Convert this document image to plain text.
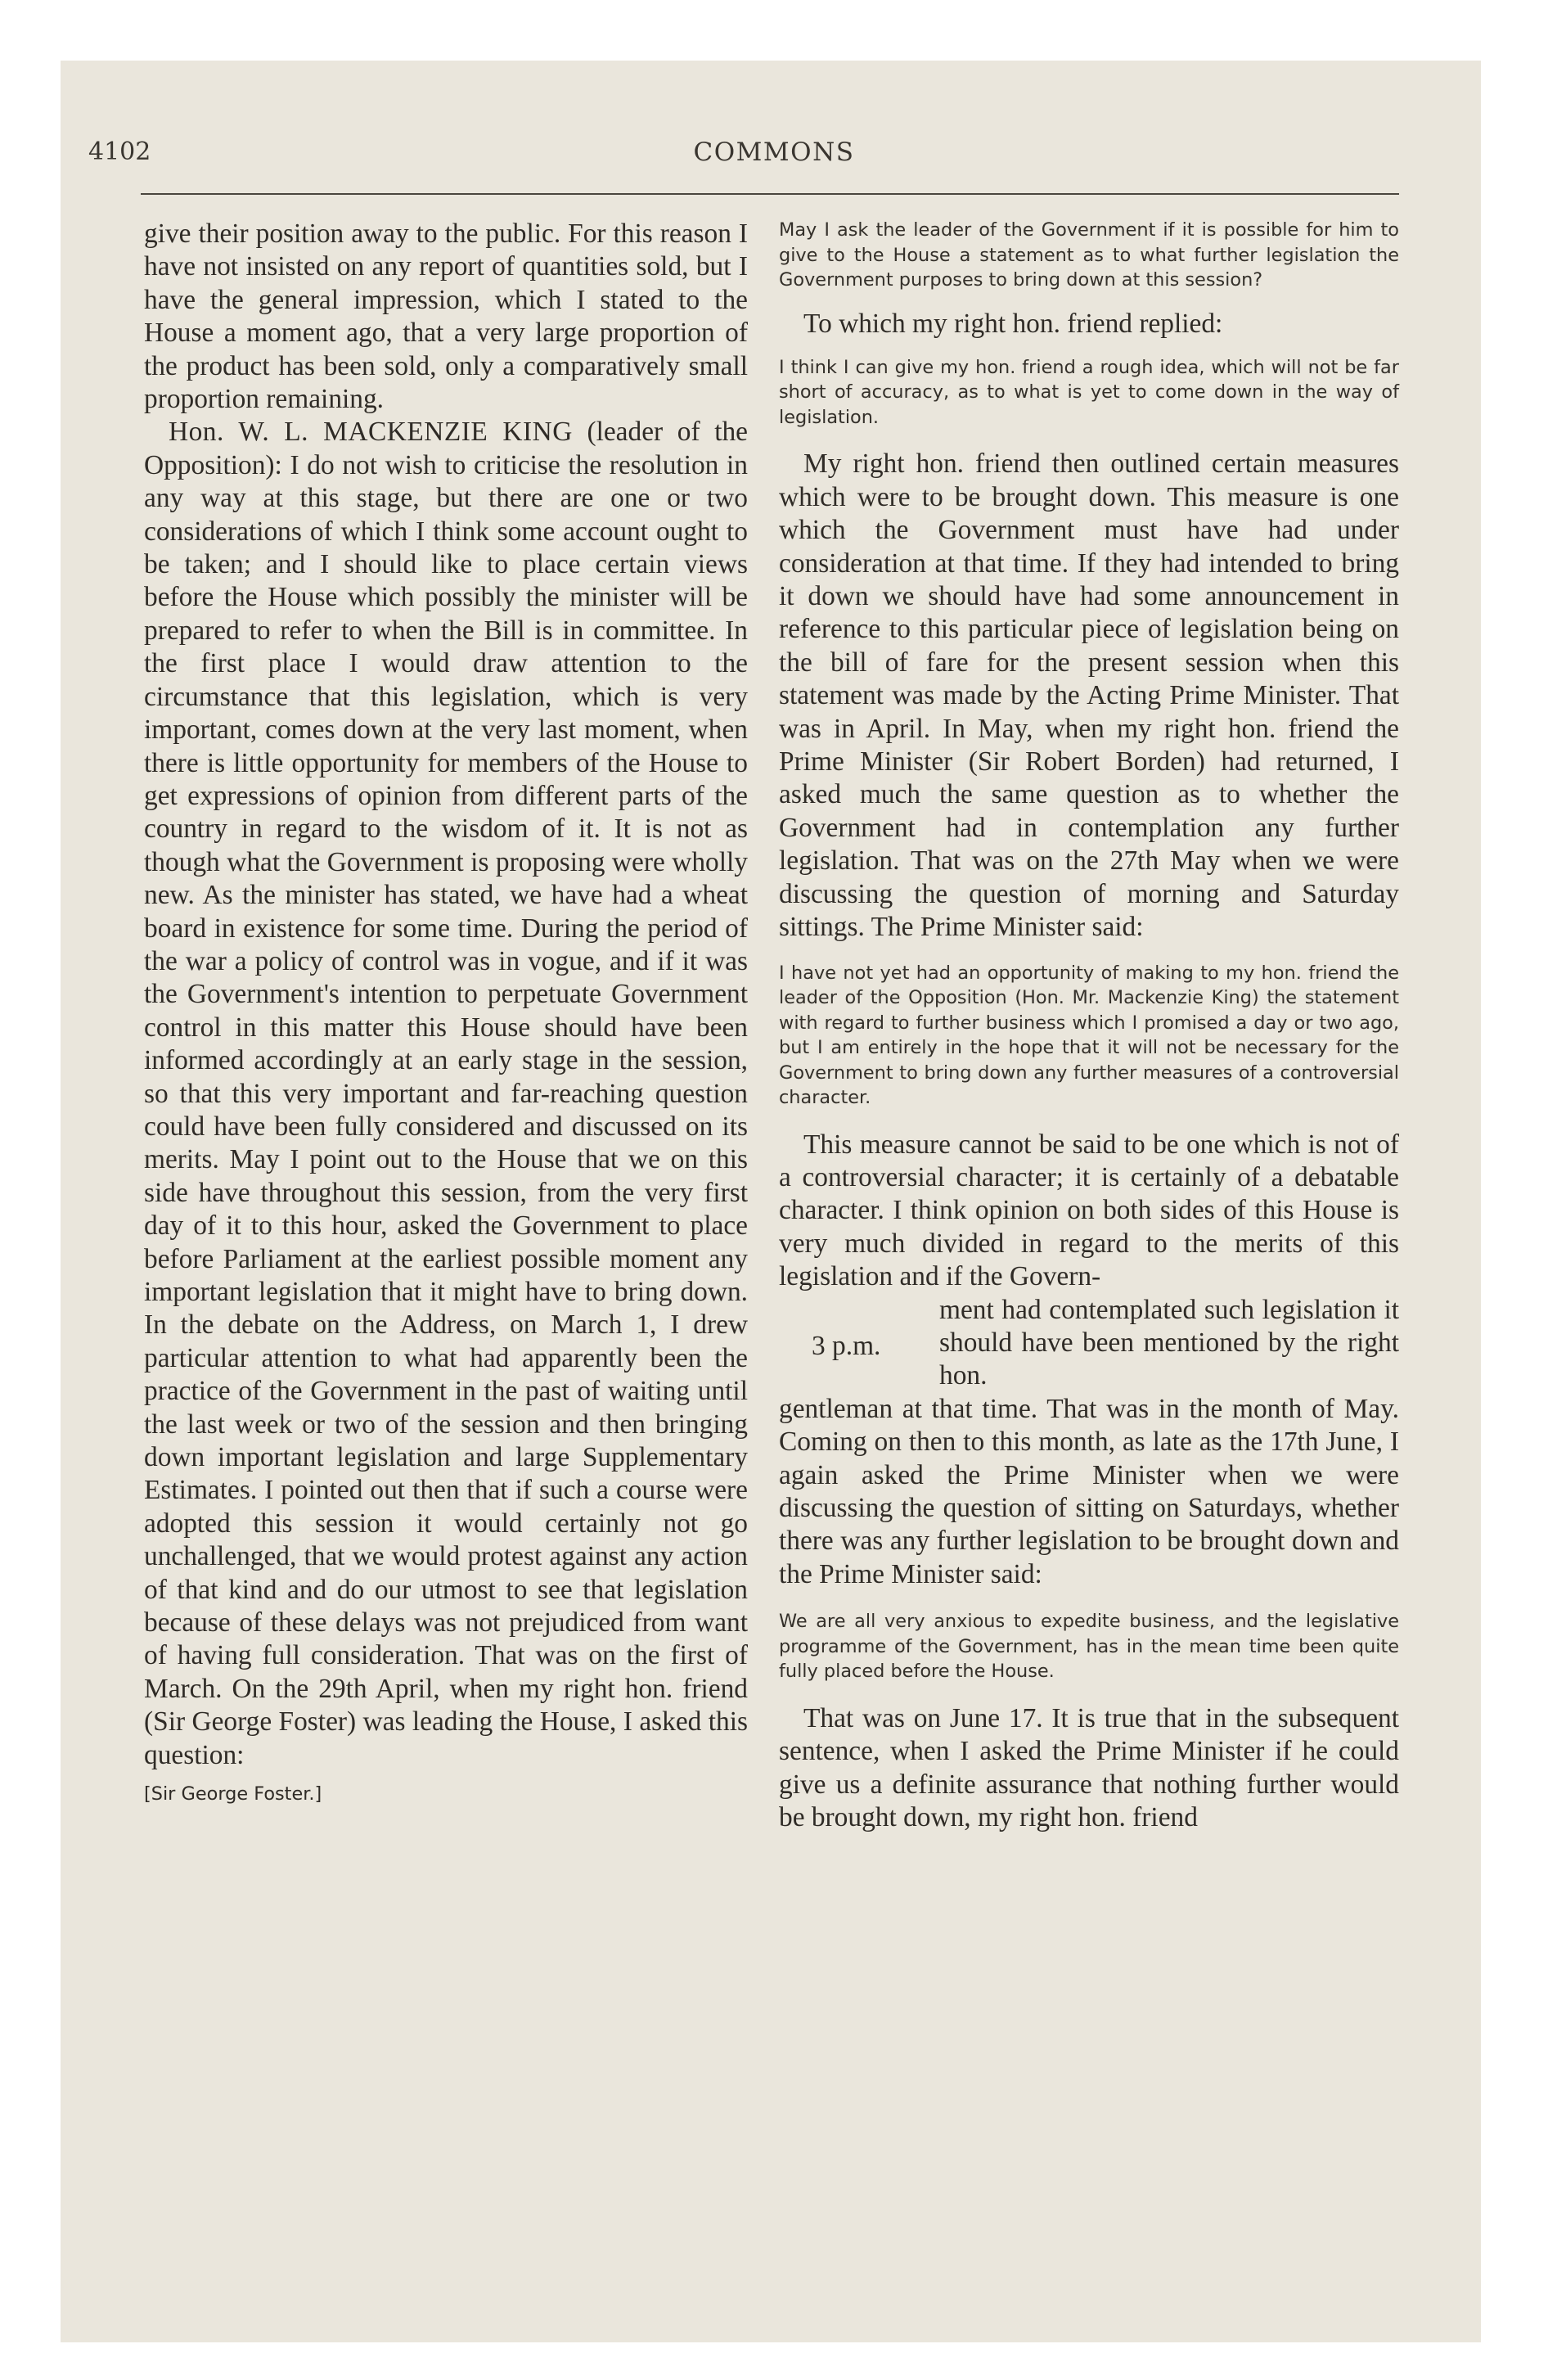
4102	COMMONS

give their position away to the public. For this reason I have not insisted on any report of quantities sold, but I have the general impression, which I stated to the House a moment ago, that a very large proportion of the product has been sold, only a comparatively small proportion remaining.

Hon. W. L. MACKENZIE KING (leader of the Opposition): I do not wish to criticise the resolution in any way at this stage, but there are one or two considerations of which I think some account ought to be taken; and I should like to place certain views before the House which possibly the minister will be prepared to refer to when the Bill is in committee. In the first place I would draw attention to the circumstance that this legislation, which is very important, comes down at the very last moment, when there is little opportunity for members of the House to get expressions of opinion from different parts of the country in regard to the wisdom of it. It is not as though what the Government is proposing were wholly new. As the minister has stated, we have had a wheat board in existence for some time. During the period of the war a policy of control was in vogue, and if it was the Government's intention to perpetuate Government control in this matter this House should have been informed accordingly at an early stage in the session, so that this very important and far-reaching question could have been fully considered and discussed on its merits. May I point out to the House that we on this side have throughout this session, from the very first day of it to this hour, asked the Government to place before Parliament at the earliest possible moment any important legislation that it might have to bring down. In the debate on the Address, on March 1, I drew particular attention to what had apparently been the practice of the Government in the past of waiting until the last week or two of the session and then bringing down important legislation and large Supplementary Estimates. I pointed out then that if such a course were adopted this session it would certainly not go unchallenged, that we would protest against any action of that kind and do our utmost to see that legislation because of these delays was not prejudiced from want of having full consideration. That was on the first of March. On the 29th April, when my right hon. friend (Sir George Foster) was leading the House, I asked this question:

[Sir George Foster.]

May I ask the leader of the Government if it is possible for him to give to the House a statement as to what further legislation the Government purposes to bring down at this session?

To which my right hon. friend replied:

I think I can give my hon. friend a rough idea, which will not be far short of accuracy, as to what is yet to come down in the way of legislation.

My right hon. friend then outlined certain measures which were to be brought down. This measure is one which the Government must have had under consideration at that time. If they had intended to bring it down we should have had some announcement in reference to this particular piece of legislation being on the bill of fare for the present session when this statement was made by the Acting Prime Minister. That was in April. In May, when my right hon. friend the Prime Minister (Sir Robert Borden) had returned, I asked much the same question as to whether the Government had in contemplation any further legislation. That was on the 27th May when we were discussing the question of morning and Saturday sittings. The Prime Minister said:

I have not yet had an opportunity of making to my hon. friend the leader of the Opposition (Hon. Mr. Mackenzie King) the statement with regard to further business which I promised a day or two ago, but I am entirely in the hope that it will not be necessary for the Government to bring down any further measures of a controversial character.

This measure cannot be said to be one which is not of a controversial character; it is certainly of a debatable character. I think opinion on both sides of this House is very much divided in regard to the merits of this legislation and if the Govern-

3 p.m.

ment had contemplated such legislation it should have been mentioned by the right hon.

gentleman at that time. That was in the month of May. Coming on then to this month, as late as the 17th June, I again asked the Prime Minister when we were discussing the question of sitting on Saturdays, whether there was any further legislation to be brought down and the Prime Minister said:

We are all very anxious to expedite business, and the legislative programme of the Government, has in the mean time been quite fully placed before the House.

That was on June 17. It is true that in the subsequent sentence, when I asked the Prime Minister if he could give us a definite assurance that nothing further would be brought down, my right hon. friend
